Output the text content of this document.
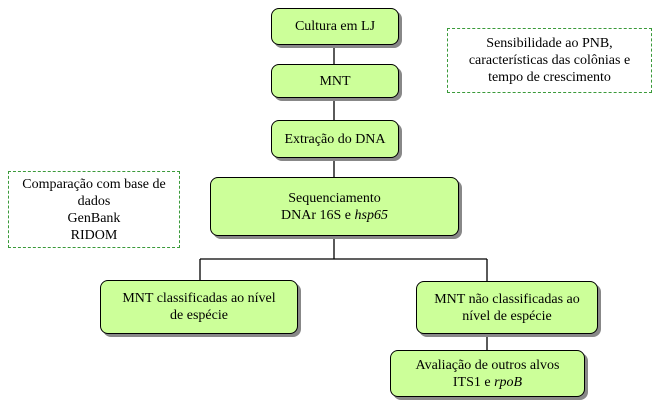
Cultura em LJ
MNT
Extração do DNA
Sequenciamento
DNAr 16S e hsp65
MNT classificadas ao nível
de espécie
MNT não classificadas ao
nível de espécie
Avaliação de outros alvos
ITS1 e rpoB
Sensibilidade ao PNB,
características das colônias e
tempo de crescimento
Comparação com base de
dados
GenBank
RIDOM
